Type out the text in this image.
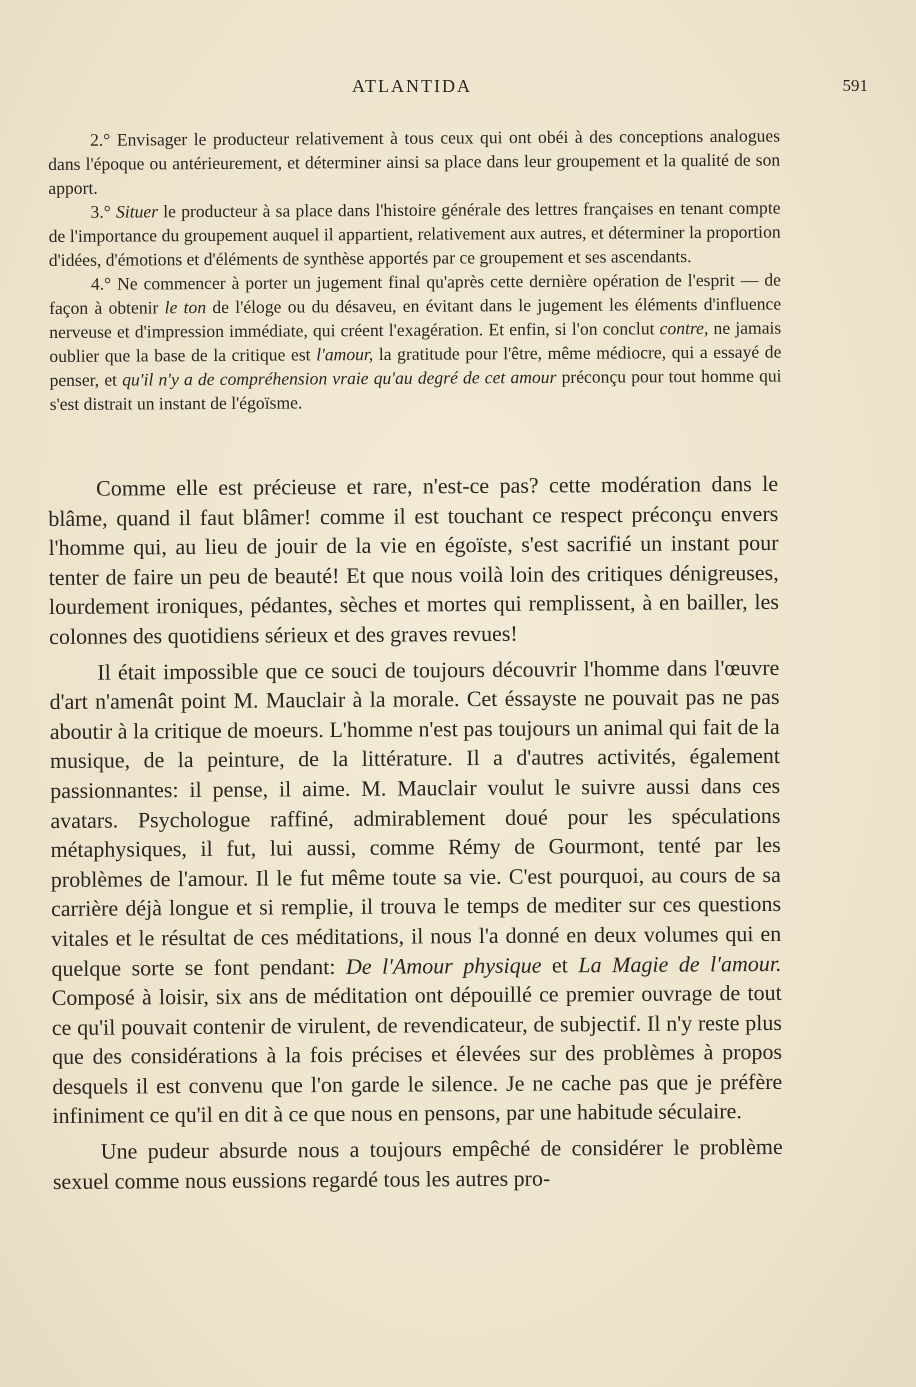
ATLANTIDA	591

2.° Envisager le producteur relativement à tous ceux qui ont obéi à des conceptions analogues dans l'époque ou antérieurement, et déterminer ainsi sa place dans leur groupement et la qualité de son apport.

3.° Situer le producteur à sa place dans l'histoire générale des lettres françaises en tenant compte de l'importance du groupement auquel il appartient, relativement aux autres, et déterminer la proportion d'idées, d'émotions et d'éléments de synthèse apportés par ce groupement et ses ascendants.

4.° Ne commencer à porter un jugement final qu'après cette dernière opération de l'esprit — de façon à obtenir le ton de l'éloge ou du désaveu, en évitant dans le jugement les éléments d'influence nerveuse et d'impression immédiate, qui créent l'exagération. Et enfin, si l'on conclut contre, ne jamais oublier que la base de la critique est l'amour, la gratitude pour l'être, même médiocre, qui a essayé de penser, et qu'il n'y a de compréhension vraie qu'au degré de cet amour préconçu pour tout homme qui s'est distrait un instant de l'égoïsme.

Comme elle est précieuse et rare, n'est-ce pas? cette modération dans le blâme, quand il faut blâmer! comme il est touchant ce respect préconçu envers l'homme qui, au lieu de jouir de la vie en égoïste, s'est sacrifié un instant pour tenter de faire un peu de beauté! Et que nous voilà loin des critiques dénigreuses, lourdement ironiques, pédantes, sèches et mortes qui remplissent, à en bailler, les colonnes des quotidiens sérieux et des graves revues!

Il était impossible que ce souci de toujours découvrir l'homme dans l'œuvre d'art n'amenât point M. Mauclair à la morale. Cet éssayste ne pouvait pas ne pas aboutir à la critique de moeurs. L'homme n'est pas toujours un animal qui fait de la musique, de la peinture, de la littérature. Il a d'autres activités, également passionnantes: il pense, il aime. M. Mauclair voulut le suivre aussi dans ces avatars. Psychologue raffiné, admirablement doué pour les spéculations métaphysiques, il fut, lui aussi, comme Rémy de Gourmont, tenté par les problèmes de l'amour. Il le fut même toute sa vie. C'est pourquoi, au cours de sa carrière déjà longue et si remplie, il trouva le temps de mediter sur ces questions vitales et le résultat de ces méditations, il nous l'a donné en deux volumes qui en quelque sorte se font pendant: De l'Amour physique et La Magie de l'amour. Composé à loisir, six ans de méditation ont dépouillé ce premier ouvrage de tout ce qu'il pouvait contenir de virulent, de revendicateur, de subjectif. Il n'y reste plus que des considérations à la fois précises et élevées sur des problèmes à propos desquels il est convenu que l'on garde le silence. Je ne cache pas que je préfère infiniment ce qu'il en dit à ce que nous en pensons, par une habitude séculaire.

Une pudeur absurde nous a toujours empêché de considérer le problème sexuel comme nous eussions regardé tous les autres pro-
